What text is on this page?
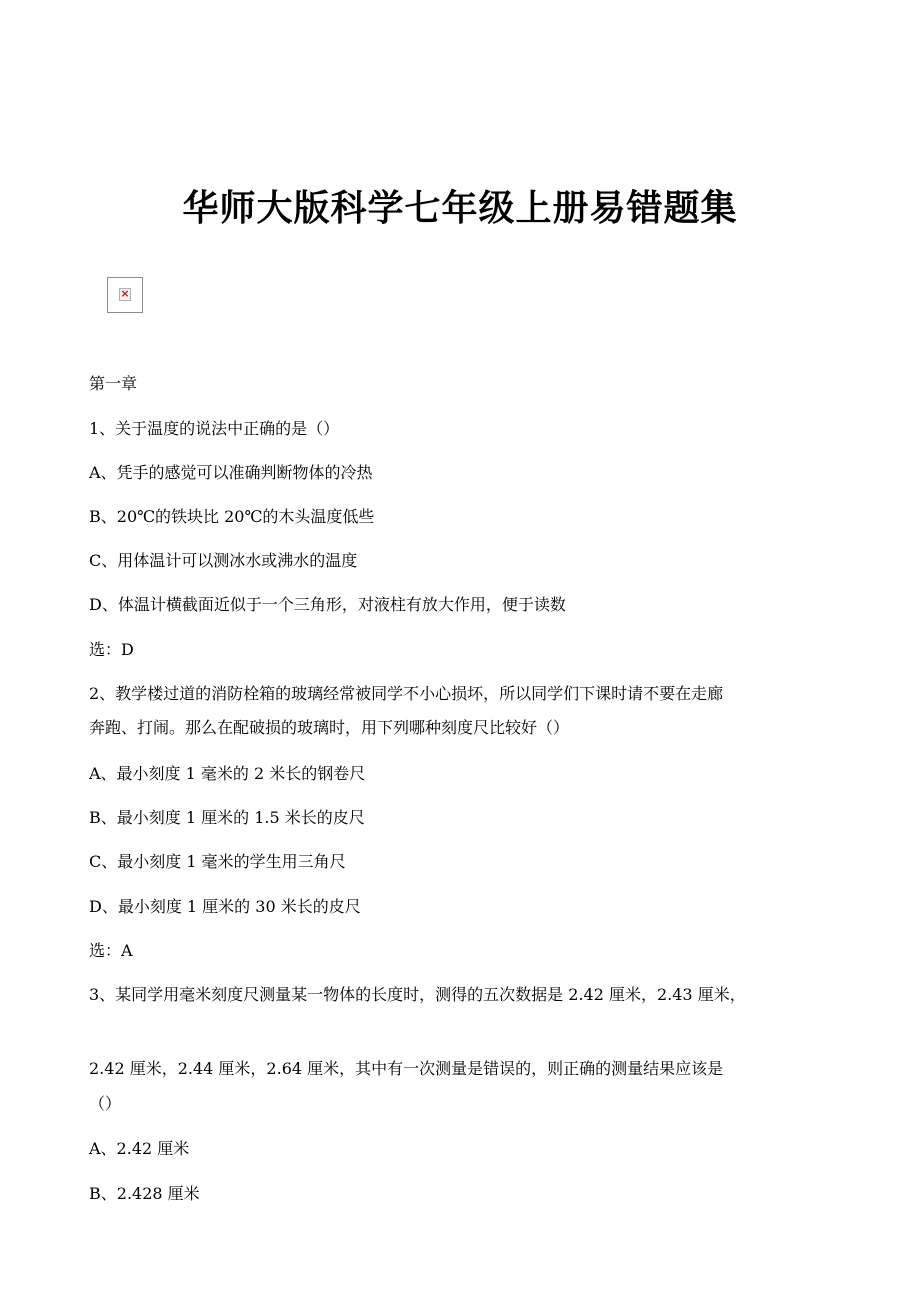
华师大版科学七年级上册易错题集
×
第一章
1、关于温度的说法中正确的是（）
A、凭手的感觉可以准确判断物体的冷热
B、20℃的铁块比 20℃的木头温度低些
C、用体温计可以测冰水或沸水的温度
D、体温计横截面近似于一个三角形，对液柱有放大作用，便于读数
选：D
2、教学楼过道的消防栓箱的玻璃经常被同学不小心损坏，所以同学们下课时请不要在走廊
奔跑、打闹。那么在配破损的玻璃时，用下列哪种刻度尺比较好（）
A、最小刻度 1 毫米的 2 米长的钢卷尺
B、最小刻度 1 厘米的 1.5 米长的皮尺
C、最小刻度 1 毫米的学生用三角尺
D、最小刻度 1 厘米的 30 米长的皮尺
选：A
3、某同学用毫米刻度尺测量某一物体的长度时，测得的五次数据是 2.42 厘米，2.43 厘米，
2.42 厘米，2.44 厘米，2.64 厘米，其中有一次测量是错误的，则正确的测量结果应该是
（）
A、2.42 厘米
B、2.428 厘米
